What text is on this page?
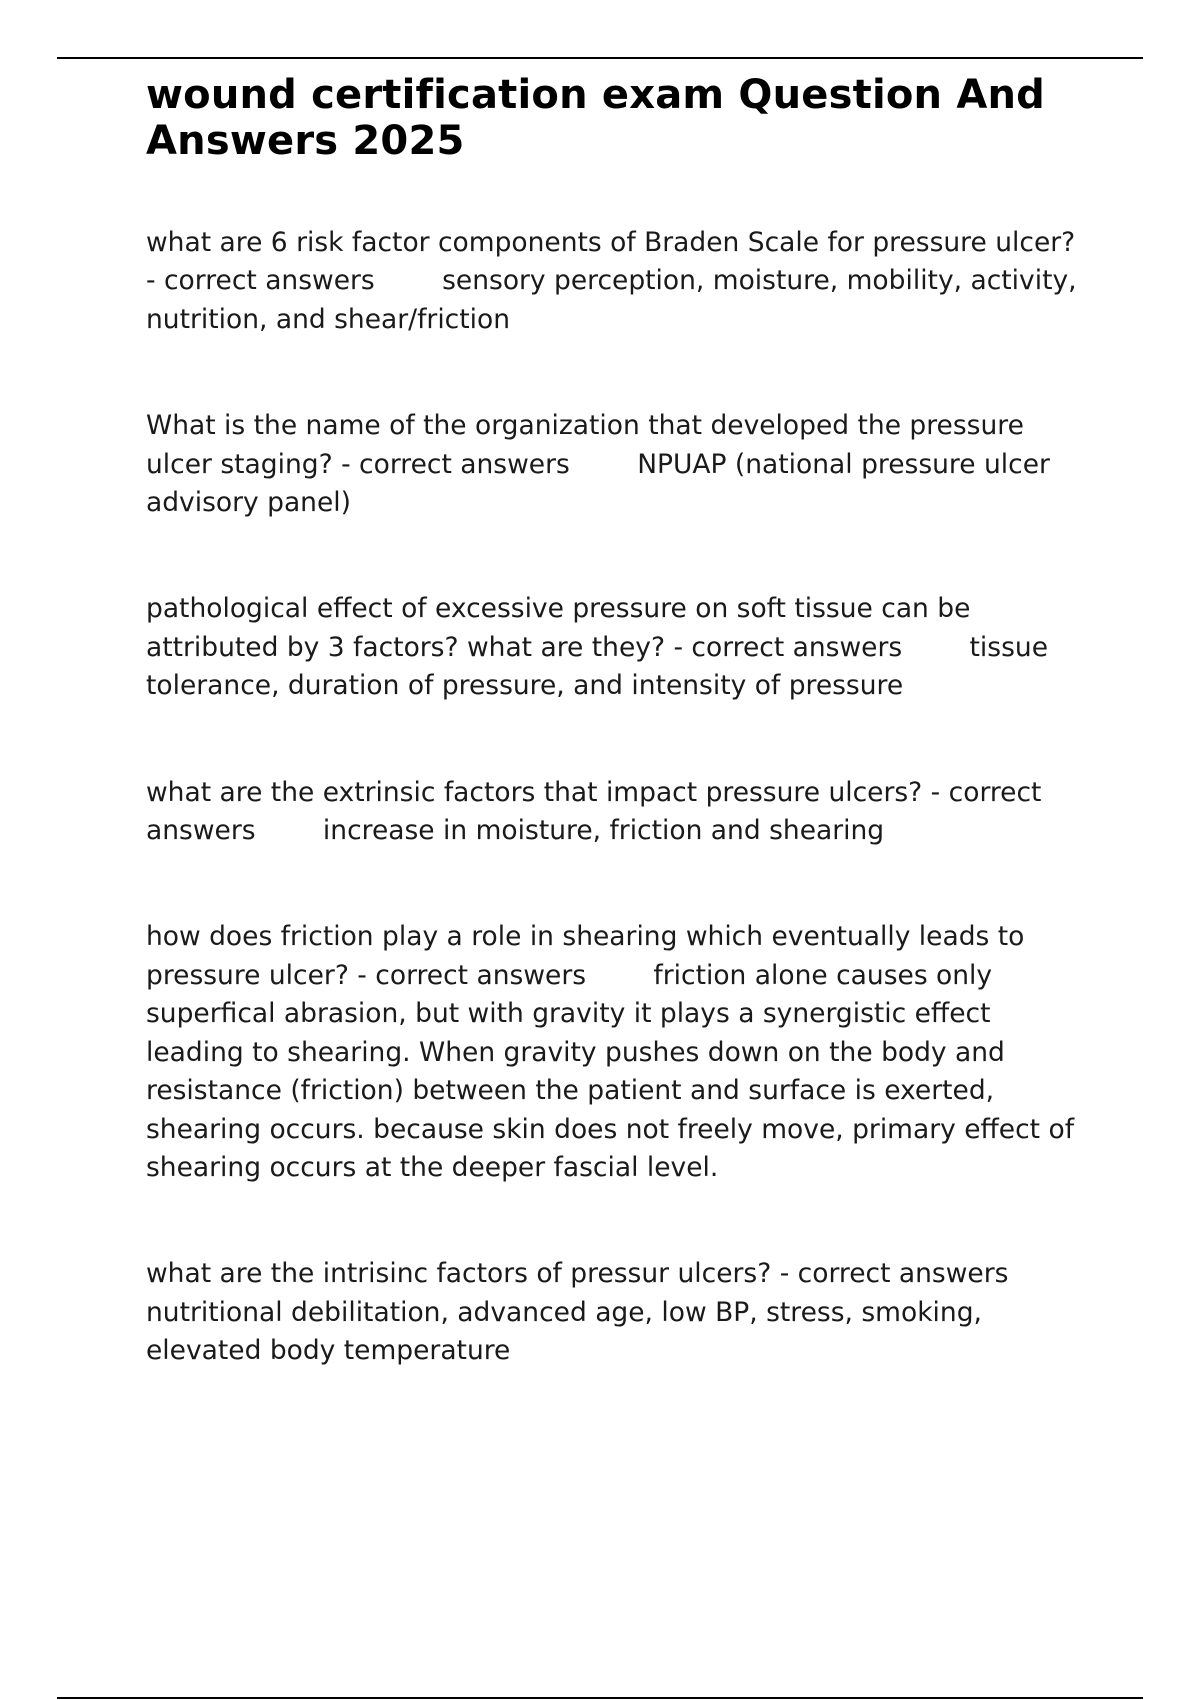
wound certification exam Question And Answers 2025

what are 6 risk factor components of Braden Scale for pressure ulcer? - correct answers	sensory perception, moisture, mobility, activity, nutrition, and shear/friction

What is the name of the organization that developed the pressure ulcer staging? - correct answers	NPUAP (national pressure ulcer advisory panel)

pathological effect of excessive pressure on soft tissue can be attributed by 3 factors? what are they? - correct answers	tissue tolerance, duration of pressure, and intensity of pressure

what are the extrinsic factors that impact pressure ulcers? - correct answers	increase in moisture, friction and shearing

how does friction play a role in shearing which eventually leads to pressure ulcer? - correct answers	friction alone causes only superfical abrasion, but with gravity it plays a synergistic effect leading to shearing. When gravity pushes down on the body and resistance (friction) between the patient and surface is exerted, shearing occurs. because skin does not freely move, primary effect of shearing occurs at the deeper fascial level.

what are the intrisinc factors of pressur ulcers? - correct answers        nutritional debilitation, advanced age, low BP, stress, smoking, elevated body temperature
